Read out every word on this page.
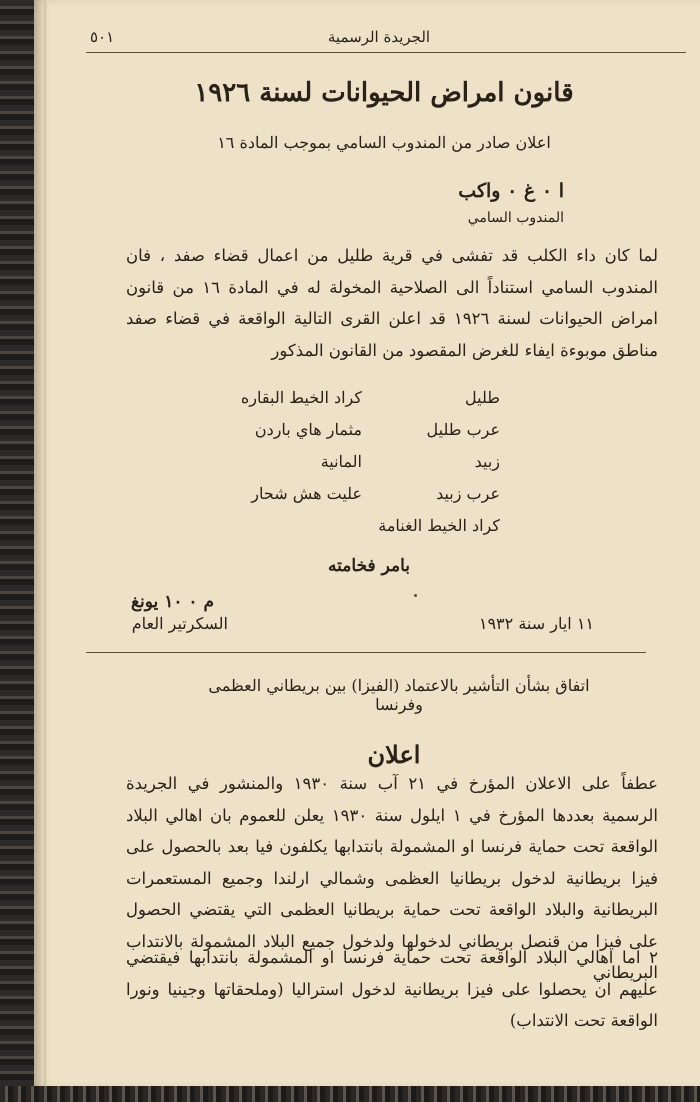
٥٠١	الجريدة الرسمية

قانون امراض الحيوانات لسنة ١٩٢٦

اعلان صادر من المندوب السامي بموجب المادة ١٦

ا ٠ غ ٠ واكب

المندوب السامي

لما كان داء الكلب قد تفشى في قرية طليل من اعمال قضاء صفد ، فان المندوب السامي استناداً الى الصلاحية المخولة له في المادة ١٦ من قانون امراض الحيوانات لسنة ١٩٢٦ قد اعلن القرى التالية الواقعة في قضاء صفد مناطق موبوءة ايفاء للغرض المقصود من القانون المذكور

طليل

عرب طليل

زبيد

عرب زبيد

كراد الخيط الغنامة

كراد الخيط البقاره

مثمار هاي باردن

المانية

عليت هش شحار

بامر فخامته

م ٠ ١٠ يونغ

السكرتير العام	١١ ايار سنة ١٩٣٢

اتفاق بشأن التأشير بالاعتماد (الفيزا) بين بريطاني العظمى وفرنسا

اعلان

عطفاً على الاعلان المؤرخ في ٢١ آب سنة ١٩٣٠ والمنشور في الجريدة الرسمية بعددها المؤرخ في ١ ايلول سنة ١٩٣٠ يعلن للعموم بان اهالي البلاد الواقعة تحت حماية فرنسا او المشمولة بانتدابها يكلفون فيا بعد بالحصول على فيزا بريطانية لدخول بريطانيا العظمى وشمالي ارلندا وجميع المستعمرات البريطانية والبلاد الواقعة تحت حماية بريطانيا العظمى التي يقتضي الحصول على فيزا من قنصل بريطاني لدخولها ولدخول جميع البلاد المشمولة بالانتداب البريطاني

٢ اما اهالي البلاد الواقعة تحت حماية فرنسا او المشمولة بانتدابها فيقتضي عليهم ان يحصلوا على فيزا بريطانية لدخول استراليا (وملحقاتها وجينيا ونورا الواقعة تحت الانتداب)
